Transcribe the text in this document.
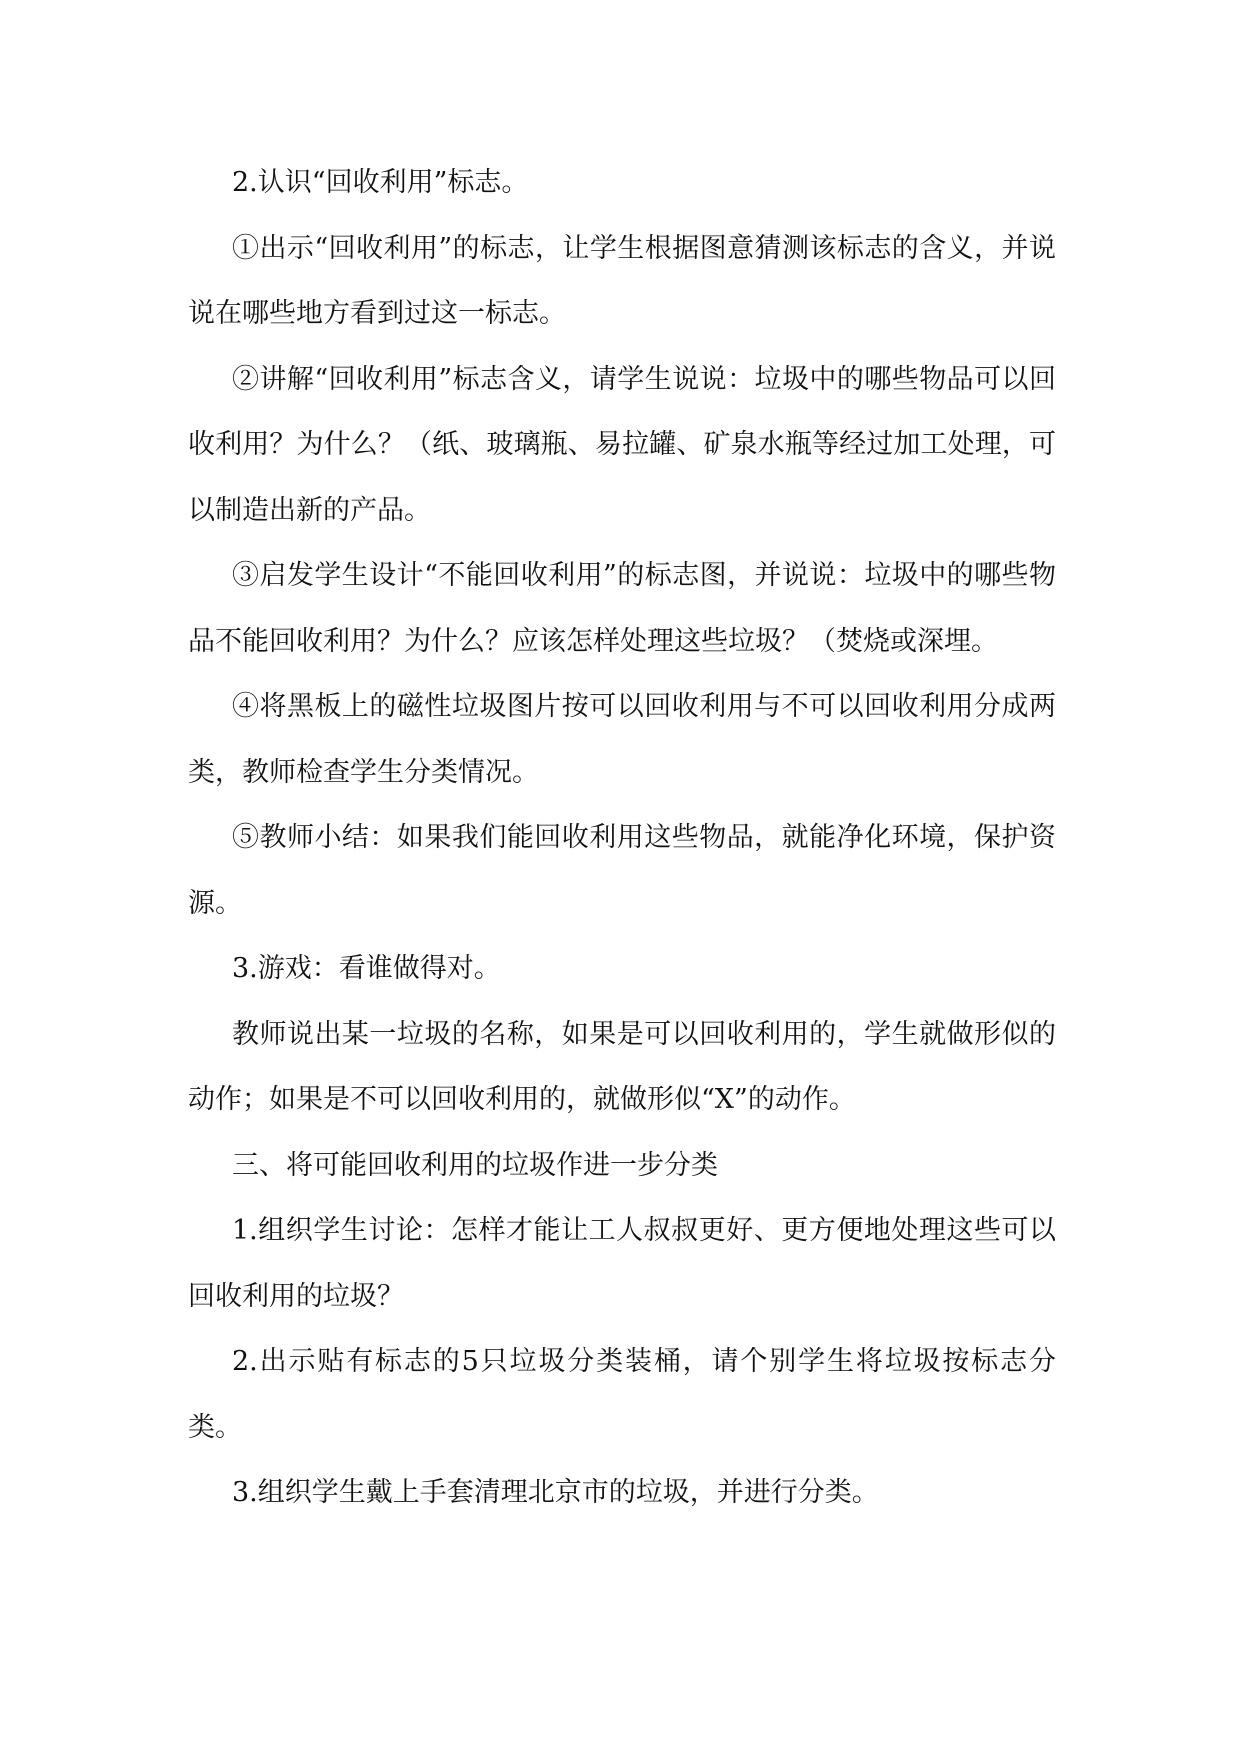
2.认识“回收利用”标志。

①出示“回收利用”的标志，让学生根据图意猜测该标志的含义，并说说在哪些地方看到过这一标志。

②讲解“回收利用”标志含义，请学生说说：垃圾中的哪些物品可以回收利用？为什么？（纸、玻璃瓶、易拉罐、矿泉水瓶等经过加工处理，可以制造出新的产品。

③启发学生设计“不能回收利用”的标志图，并说说：垃圾中的哪些物品不能回收利用？为什么？应该怎样处理这些垃圾？（焚烧或深埋。

④将黑板上的磁性垃圾图片按可以回收利用与不可以回收利用分成两类，教师检查学生分类情况。

⑤教师小结：如果我们能回收利用这些物品，就能净化环境，保护资源。

3.游戏：看谁做得对。

教师说出某一垃圾的名称，如果是可以回收利用的，学生就做形似的动作；如果是不可以回收利用的，就做形似“X”的动作。

三、将可能回收利用的垃圾作进一步分类

1.组织学生讨论：怎样才能让工人叔叔更好、更方便地处理这些可以回收利用的垃圾？

2.出示贴有标志的5只垃圾分类装桶，请个别学生将垃圾按标志分类。

3.组织学生戴上手套清理北京市的垃圾，并进行分类。
